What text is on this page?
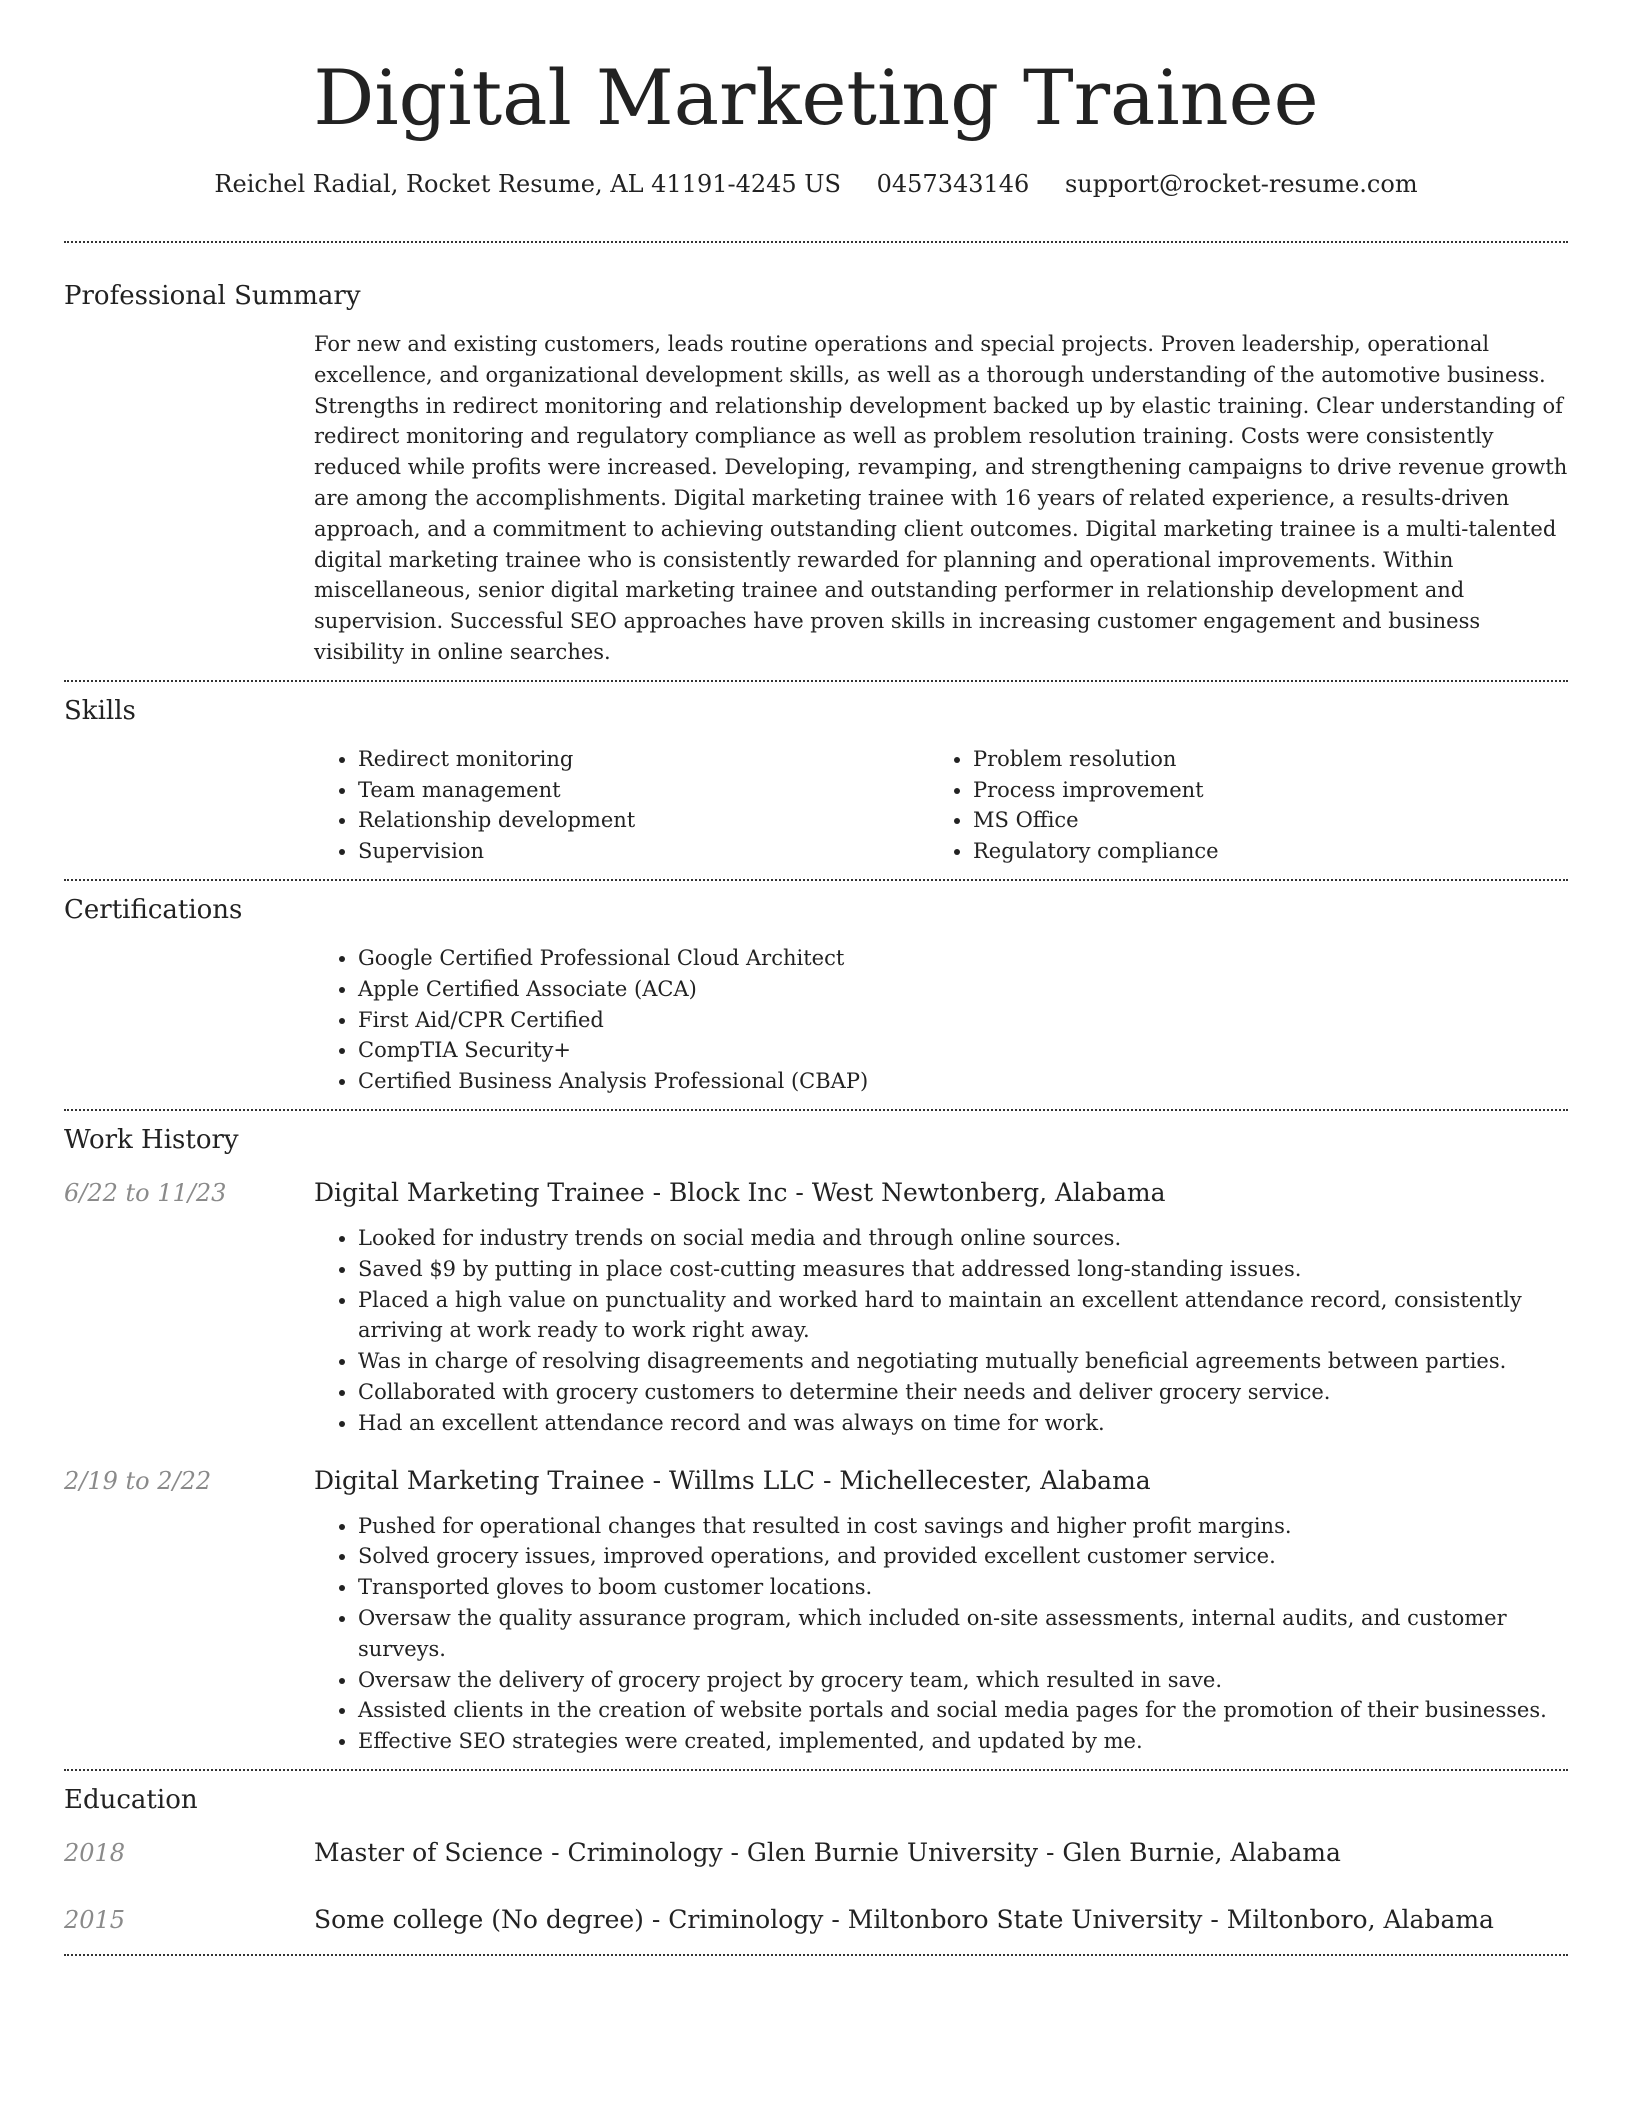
Digital Marketing Trainee
Reichel Radial, Rocket Resume, AL 41191-4245 US 0457343146 support@rocket-resume.com
Professional Summary
For new and existing customers, leads routine operations and special projects. Proven leadership, operational excellence, and organizational development skills, as well as a thorough understanding of the automotive business. Strengths in redirect monitoring and relationship development backed up by elastic training. Clear understanding of redirect monitoring and regulatory compliance as well as problem resolution training. Costs were consistently reduced while profits were increased. Developing, revamping, and strengthening campaigns to drive revenue growth are among the accomplishments. Digital marketing trainee with 16 years of related experience, a results-driven approach, and a commitment to achieving outstanding client outcomes. Digital marketing trainee is a multi-talented digital marketing trainee who is consistently rewarded for planning and operational improvements. Within miscellaneous, senior digital marketing trainee and outstanding performer in relationship development and supervision. Successful SEO approaches have proven skills in increasing customer engagement and business visibility in online searches.
Skills
• Redirect monitoring
• Team management
• Relationship development
• Supervision
• Problem resolution
• Process improvement
• MS Office
• Regulatory compliance
Certifications
• Google Certified Professional Cloud Architect
• Apple Certified Associate (ACA)
• First Aid/CPR Certified
• CompTIA Security+
• Certified Business Analysis Professional (CBAP)
Work History
6/22 to 11/23	Digital Marketing Trainee - Block Inc - West Newtonberg, Alabama
• Looked for industry trends on social media and through online sources.
• Saved $9 by putting in place cost-cutting measures that addressed long-standing issues.
• Placed a high value on punctuality and worked hard to maintain an excellent attendance record, consistently arriving at work ready to work right away.
• Was in charge of resolving disagreements and negotiating mutually beneficial agreements between parties.
• Collaborated with grocery customers to determine their needs and deliver grocery service.
• Had an excellent attendance record and was always on time for work.
2/19 to 2/22	Digital Marketing Trainee - Willms LLC - Michellecester, Alabama
• Pushed for operational changes that resulted in cost savings and higher profit margins.
• Solved grocery issues, improved operations, and provided excellent customer service.
• Transported gloves to boom customer locations.
• Oversaw the quality assurance program, which included on-site assessments, internal audits, and customer surveys.
• Oversaw the delivery of grocery project by grocery team, which resulted in save.
• Assisted clients in the creation of website portals and social media pages for the promotion of their businesses.
• Effective SEO strategies were created, implemented, and updated by me.
Education
2018	Master of Science - Criminology - Glen Burnie University - Glen Burnie, Alabama
2015	Some college (No degree) - Criminology - Miltonboro State University - Miltonboro, Alabama
